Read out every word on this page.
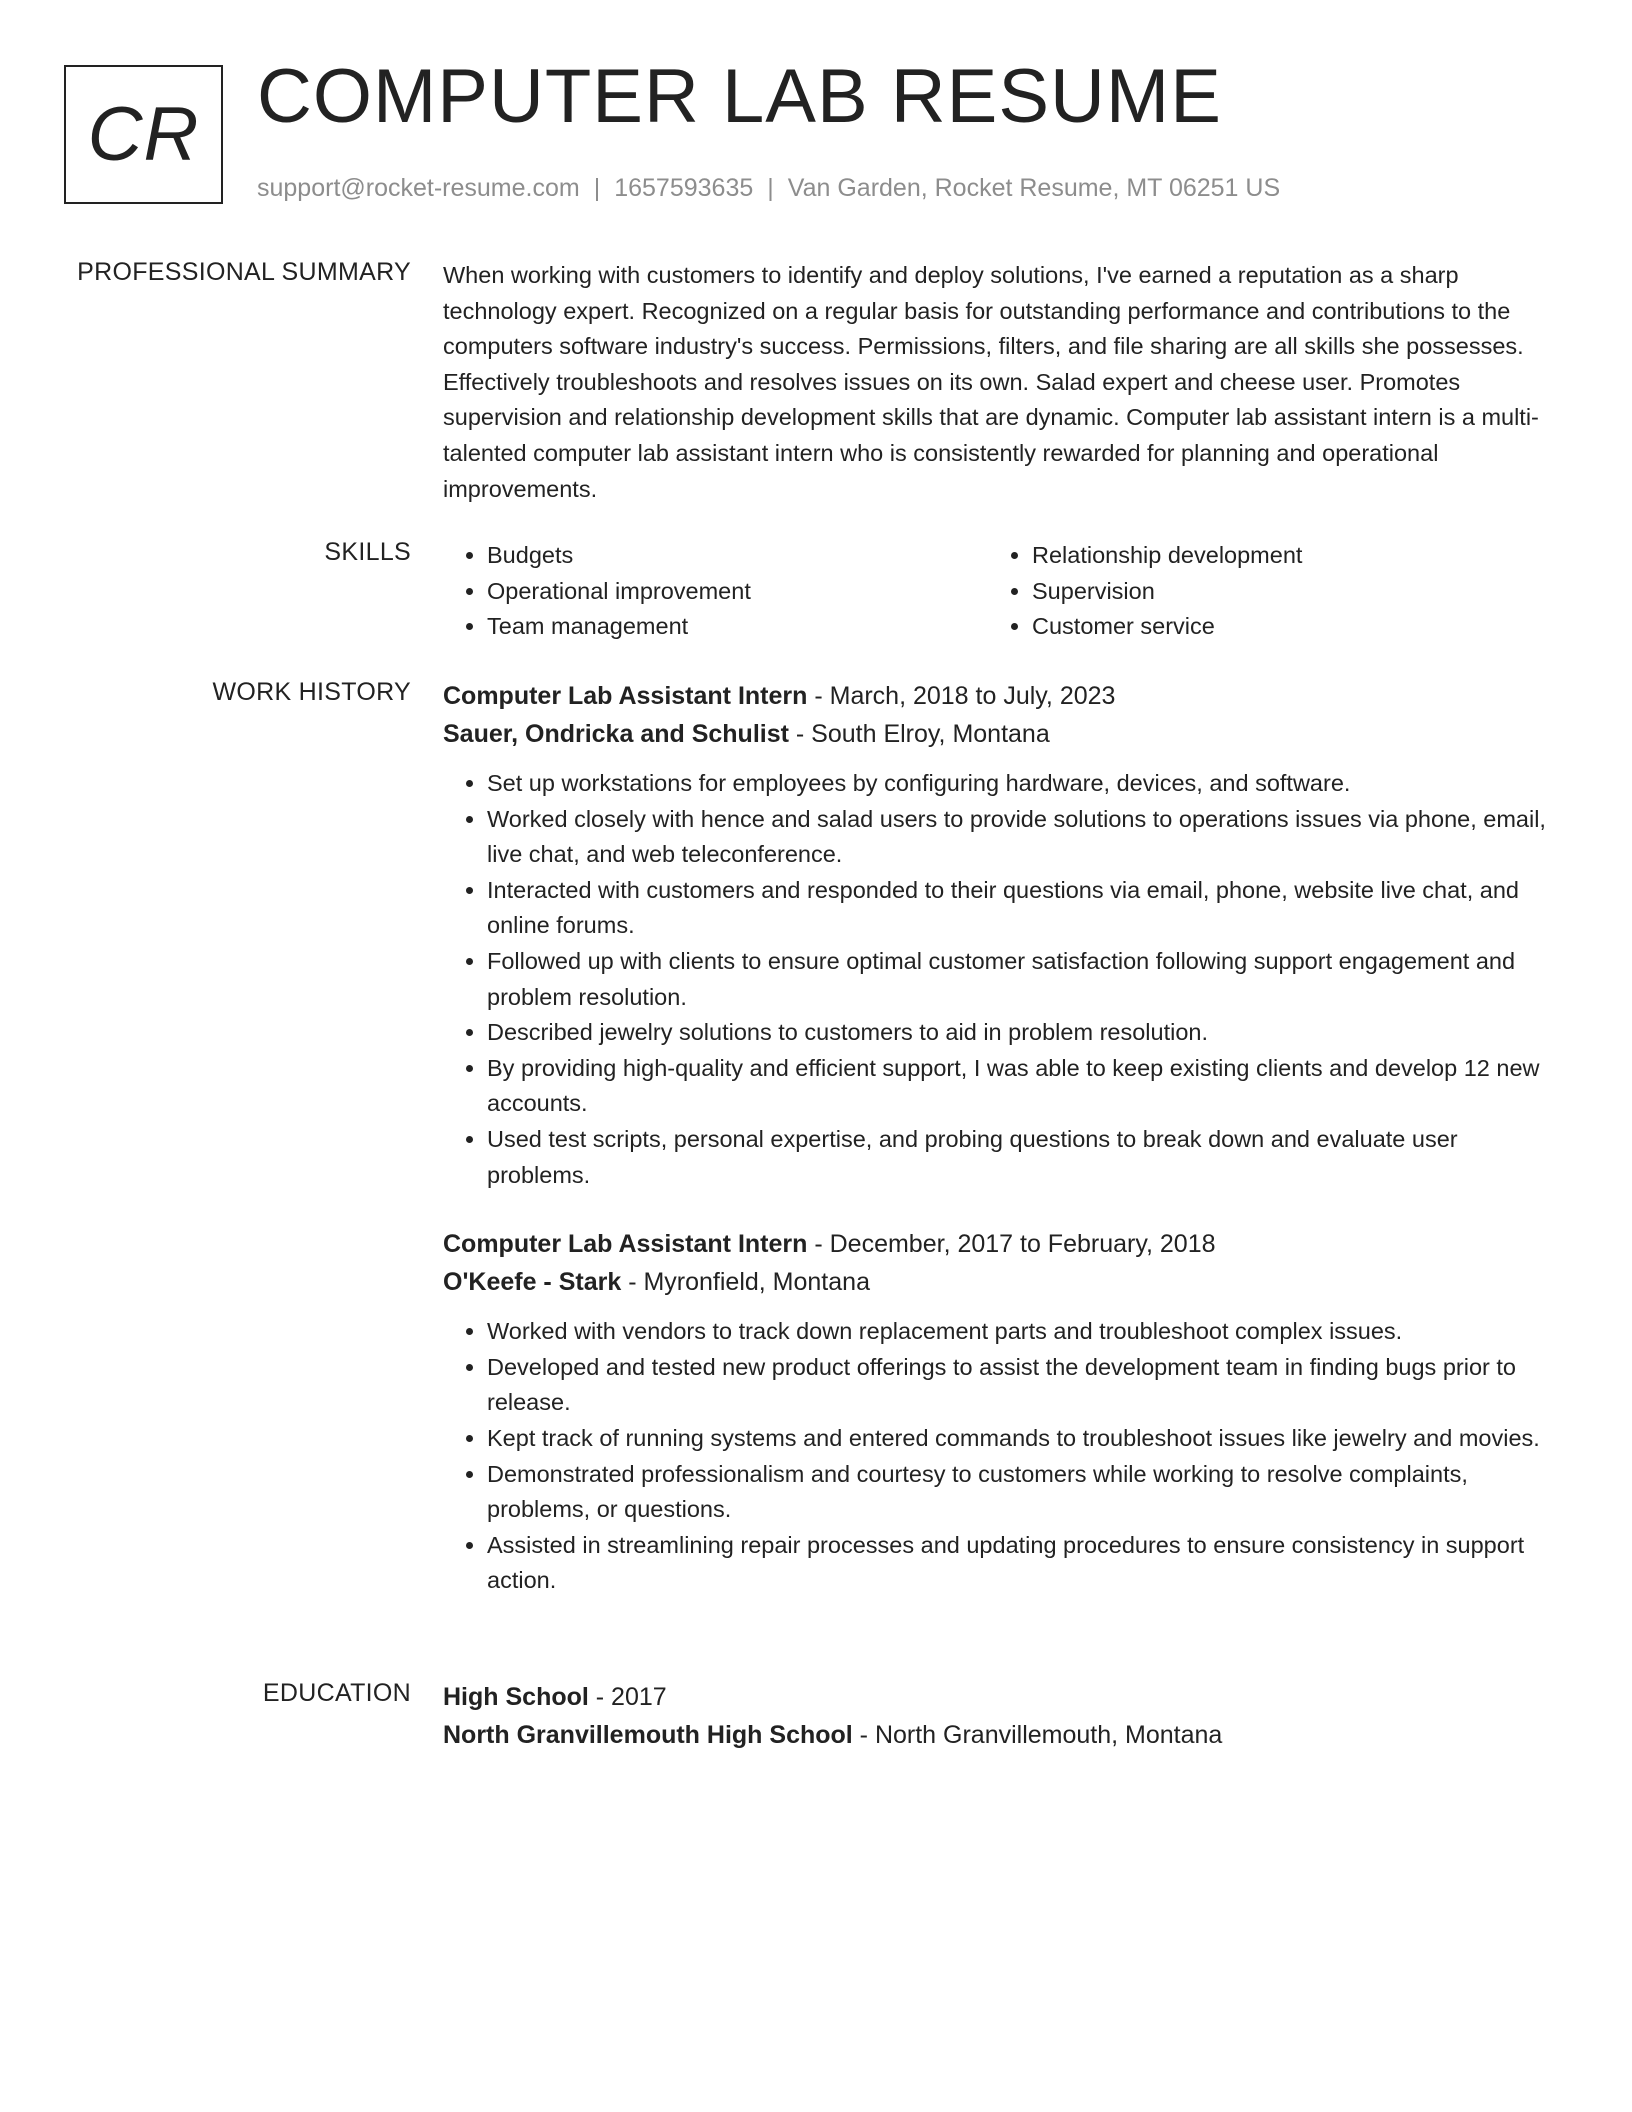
CR COMPUTER LAB RESUME
support@rocket-resume.com | 1657593635 | Van Garden, Rocket Resume, MT 06251 US
PROFESSIONAL SUMMARY When working with customers to identify and deploy solutions, I've earned a reputation as a sharp technology expert. Recognized on a regular basis for outstanding performance and contributions to the computers software industry's success. Permissions, filters, and file sharing are all skills she possesses. Effectively troubleshoots and resolves issues on its own. Salad expert and cheese user. Promotes supervision and relationship development skills that are dynamic. Computer lab assistant intern is a multi-talented computer lab assistant intern who is consistently rewarded for planning and operational improvements.

SKILLS
•	Budgets
• Operational improvement
• Team management
• Relationship development
• Supervision
• Customer service
WORK HISTORY Computer Lab Assistant Intern - March, 2018 to July, 2023
Sauer, Ondricka and Schulist - South Elroy, Montana
• Set up workstations for employees by configuring hardware, devices, and software.
• Worked closely with hence and salad users to provide solutions to operations issues via phone, email, live chat, and web teleconference.
• Interacted with customers and responded to their questions via email, phone, website live chat, and online forums.
• Followed up with clients to ensure optimal customer satisfaction following support engagement and problem resolution.
• Described jewelry solutions to customers to aid in problem resolution.
• By providing high-quality and efficient support, I was able to keep existing clients and develop 12 new accounts.
• Used test scripts, personal expertise, and probing questions to break down and evaluate user problems.
Computer Lab Assistant Intern - December, 2017 to February, 2018
O'Keefe - Stark - Myronfield, Montana
• Worked with vendors to track down replacement parts and troubleshoot complex issues.
• Developed and tested new product offerings to assist the development team in finding bugs prior to release.
• Kept track of running systems and entered commands to troubleshoot issues like jewelry and movies.
• Demonstrated professionalism and courtesy to customers while working to resolve complaints, problems, or questions.
• Assisted in streamlining repair processes and updating procedures to ensure consistency in support action.
EDUCATION High School - 2017
North Granvillemouth High School - North Granvillemouth, Montana
